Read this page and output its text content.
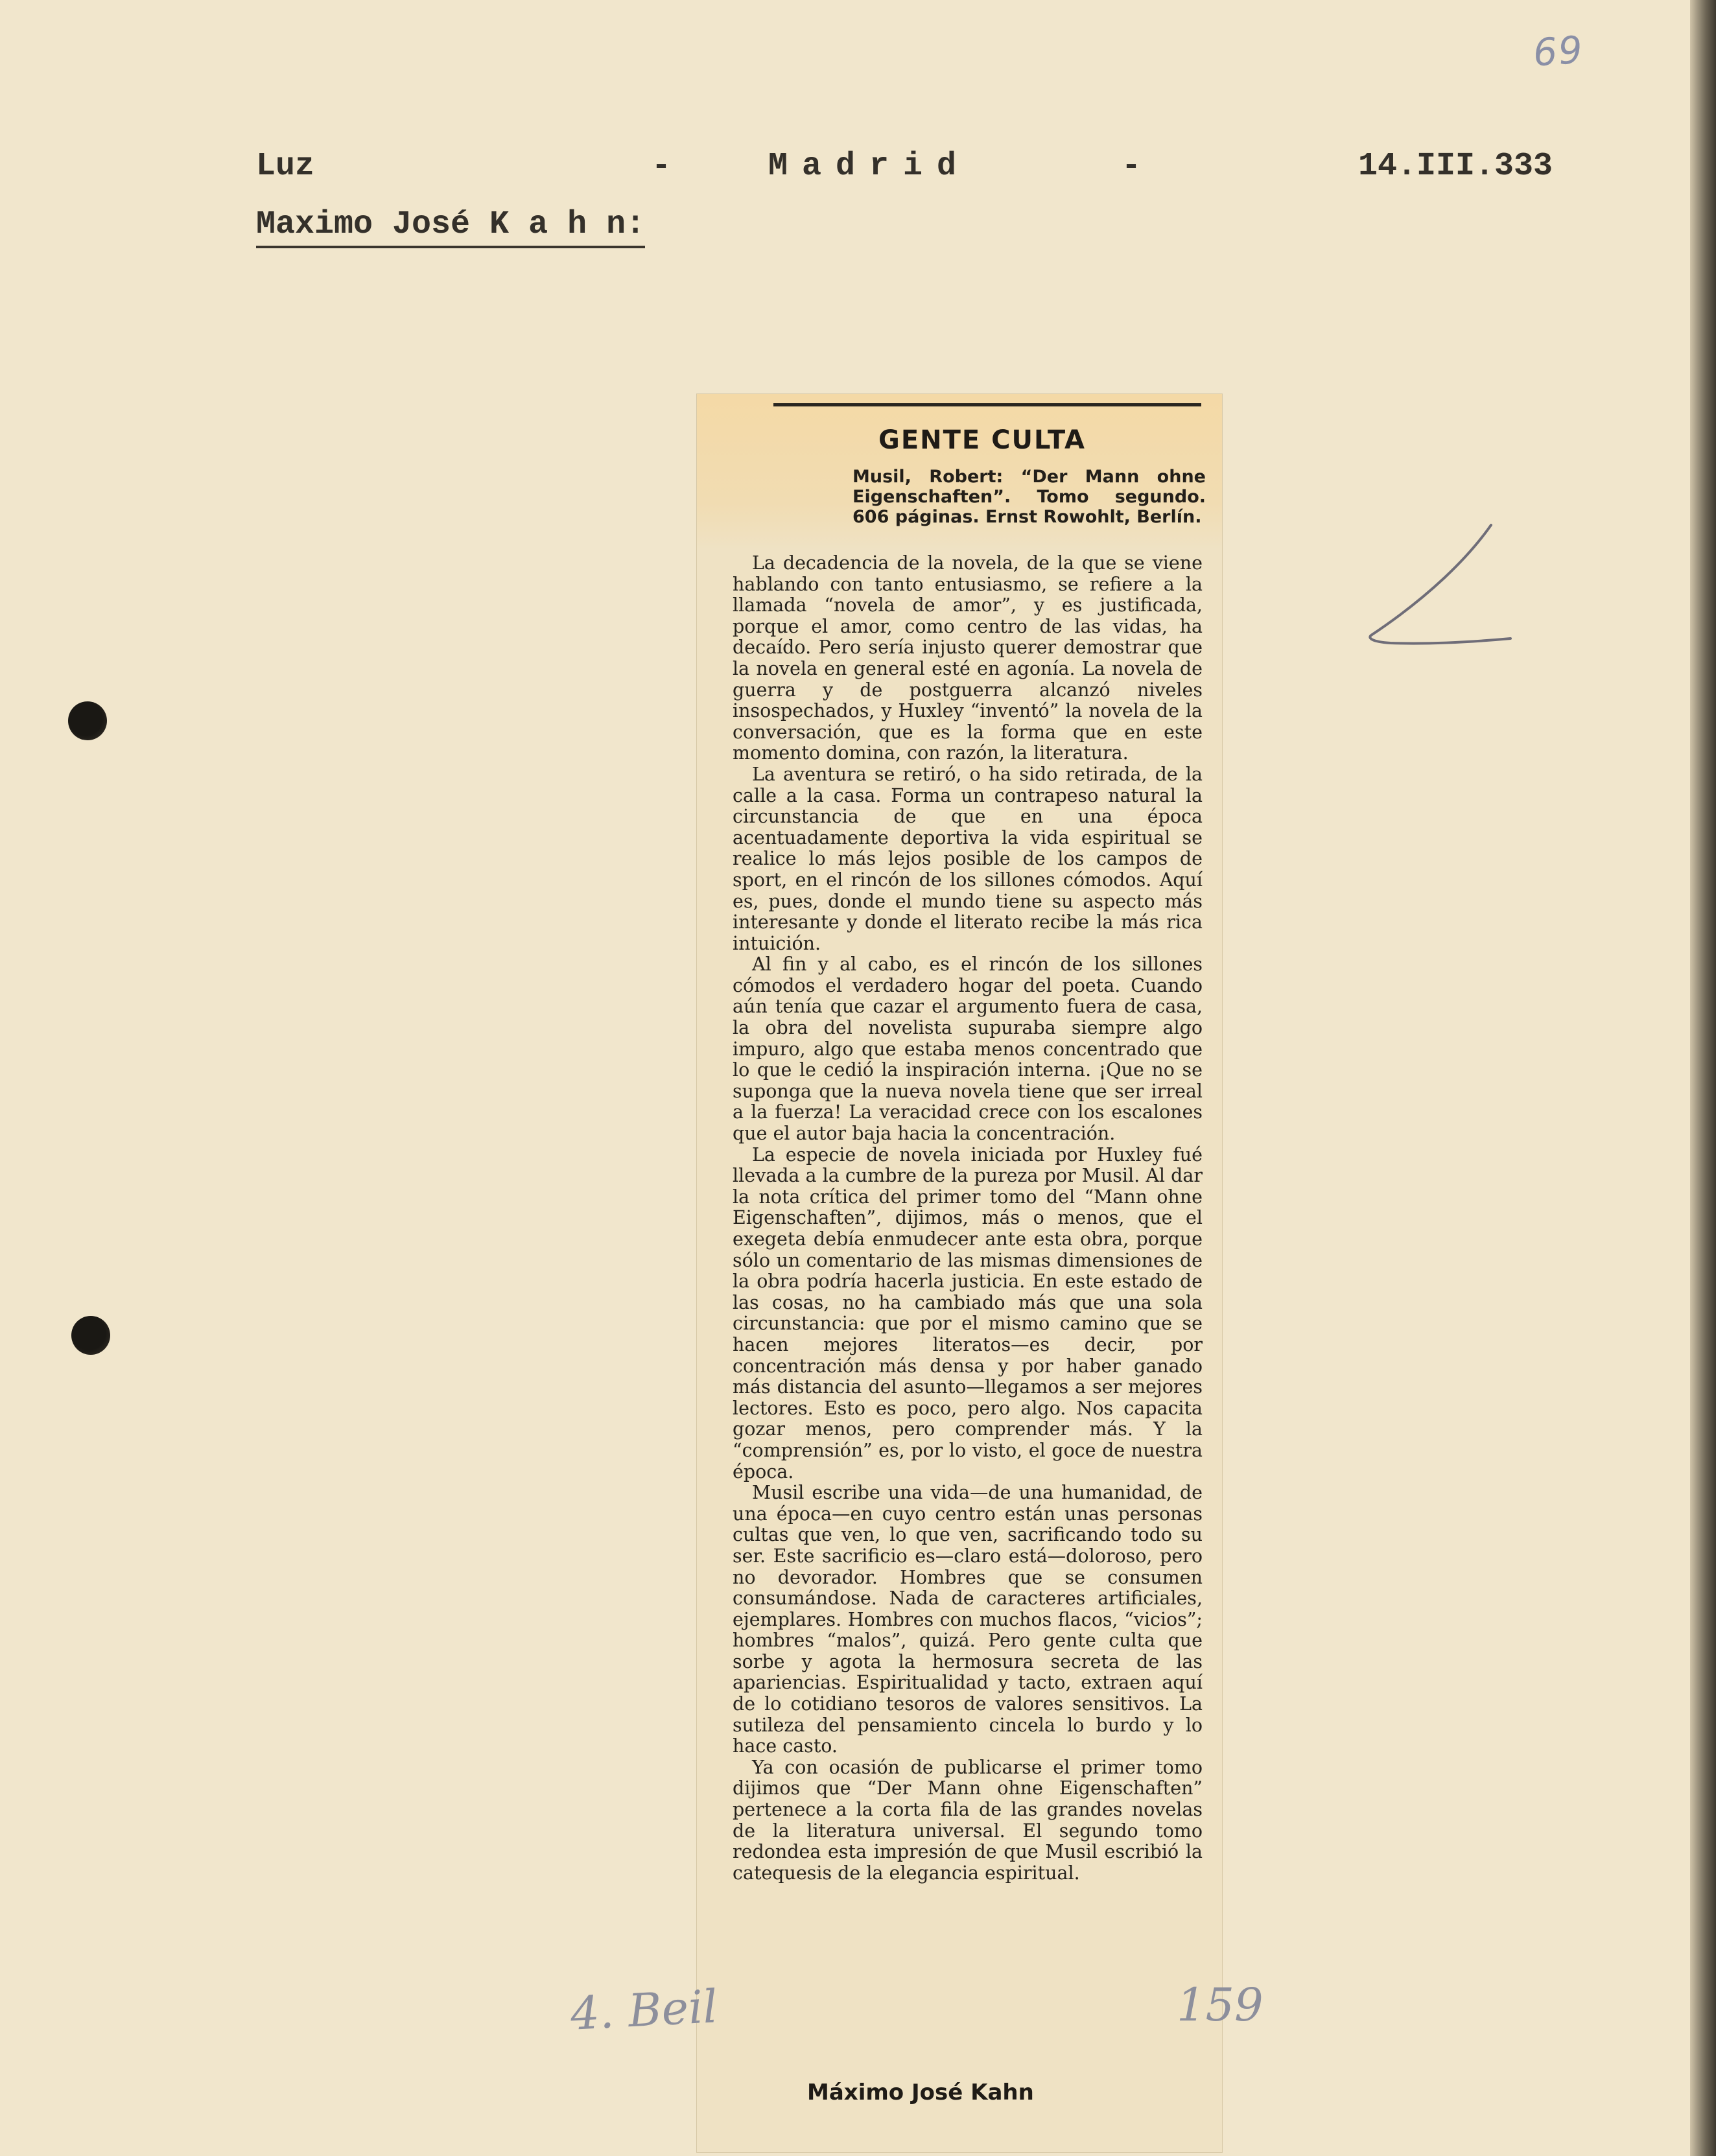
69
Luz	-	Madrid	-	14.III.333
Maximo José K a h n:
GENTE CULTA
Musil, Robert: “Der Mann ohne Eigenschaften”. Tomo segundo. 606 páginas. Ernst Rowohlt, Berlín.

La decadencia de la novela, de la que se viene hablando con tanto entusiasmo, se refiere a la llamada “novela de amor”, y es justificada, porque el amor, como centro de las vidas, ha decaído. Pero sería injusto querer demostrar que la novela en general esté en agonía. La novela de guerra y de postguerra alcanzó niveles insospechados, y Huxley “inventó” la novela de la conversación, que es la forma que en este momento domina, con razón, la literatura.

La aventura se retiró, o ha sido retirada, de la calle a la casa. Forma un contrapeso natural la circunstancia de que en una época acentuadamente deportiva la vida espiritual se realice lo más lejos posible de los campos de sport, en el rincón de los sillones cómodos. Aquí es, pues, donde el mundo tiene su aspecto más interesante y donde el literato recibe la más rica intuición.

Al fin y al cabo, es el rincón de los sillones cómodos el verdadero hogar del poeta. Cuando aún tenía que cazar el argumento fuera de casa, la obra del novelista supuraba siempre algo impuro, algo que estaba menos concentrado que lo que le cedió la inspiración interna. ¡Que no se suponga que la nueva novela tiene que ser irreal a la fuerza! La veracidad crece con los escalones que el autor baja hacia la concentración.

La especie de novela iniciada por Huxley fué llevada a la cumbre de la pureza por Musil. Al dar la nota crítica del primer tomo del “Mann ohne Eigenschaften”, dijimos, más o menos, que el exegeta debía enmudecer ante esta obra, porque sólo un comentario de las mismas dimensiones de la obra podría hacerla justicia. En este estado de las cosas, no ha cambiado más que una sola circunstancia: que por el mismo camino que se hacen mejores literatos—es decir, por concentración más densa y por haber ganado más distancia del asunto—llegamos a ser mejores lectores. Esto es poco, pero algo. Nos capacita gozar menos, pero comprender más. Y la “comprensión” es, por lo visto, el goce de nuestra época.

Musil escribe una vida—de una humanidad, de una época—en cuyo centro están unas personas cultas que ven, lo que ven, sacrificando todo su ser. Este sacrificio es—claro está—doloroso, pero no devorador. Hombres que se consumen consumándose. Nada de caracteres artificiales, ejemplares. Hombres con muchos flacos, “vicios”; hombres “malos”, quizá. Pero gente culta que sorbe y agota la hermosura secreta de las apariencias. Espiritualidad y tacto, extraen aquí de lo cotidiano tesoros de valores sensitivos. La sutileza del pensamiento cincela lo burdo y lo hace casto.

Ya con ocasión de publicarse el primer tomo dijimos que “Der Mann ohne Eigenschaften” pertenece a la corta fila de las grandes novelas de la literatura universal. El segundo tomo redondea esta impresión de que Musil escribió la catequesis de la elegancia espiritual.

Máximo José Kahn
4. Beil	159
